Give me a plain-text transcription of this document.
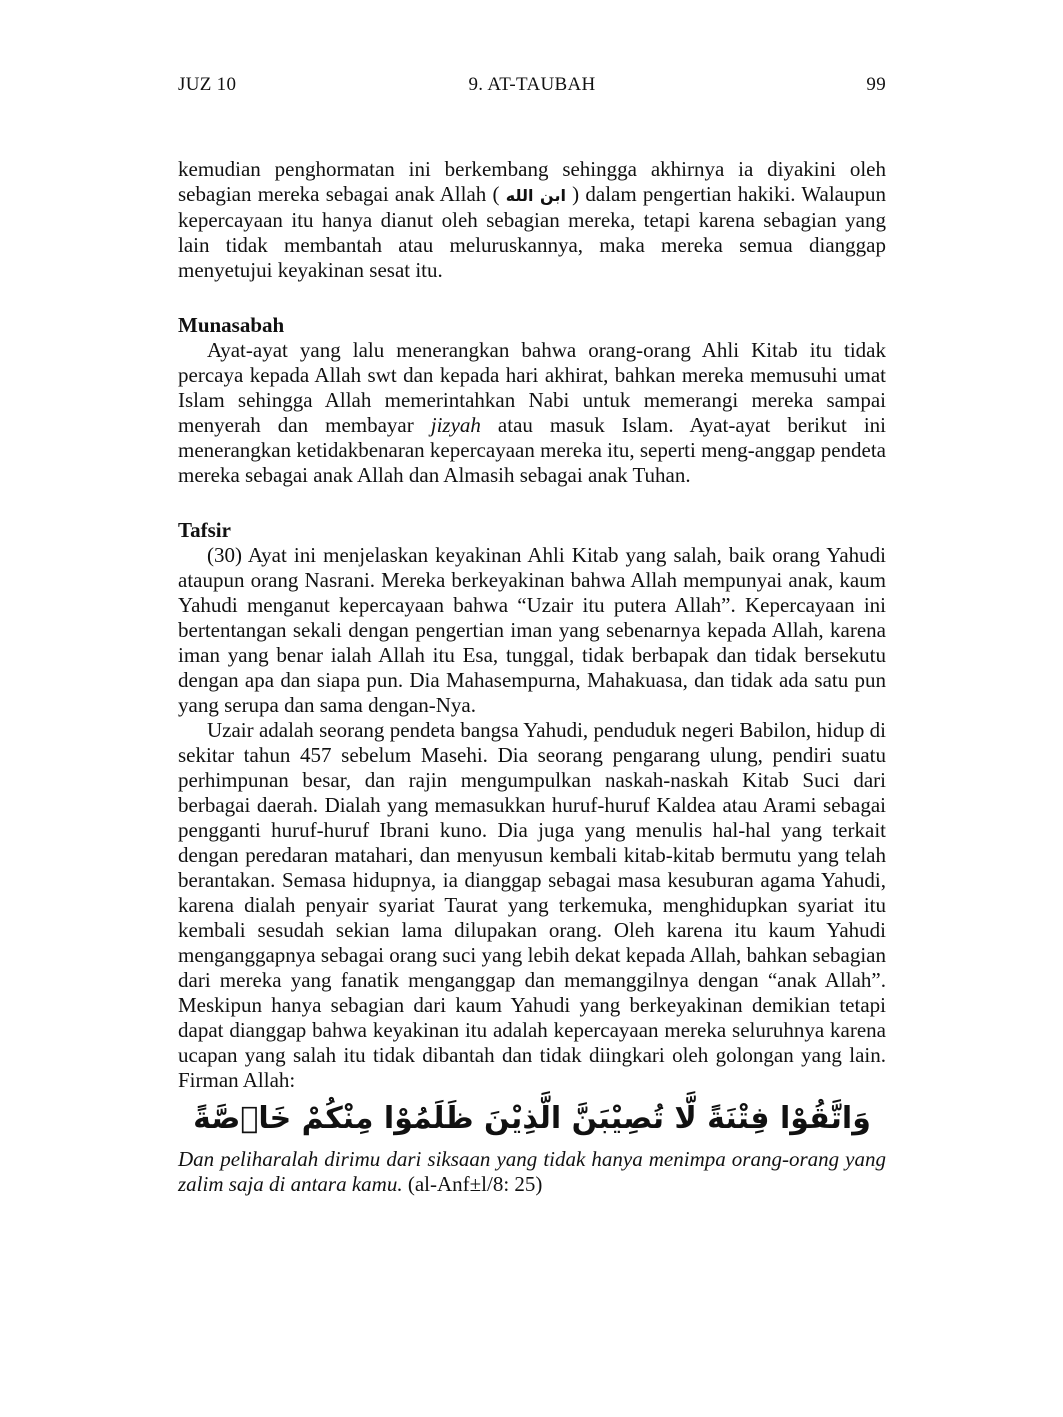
JUZ 10	9. AT-TAUBAH	99

kemudian penghormatan ini berkembang sehingga akhirnya ia diyakini oleh sebagian mereka sebagai anak Allah ( ابن الله ) dalam pengertian hakiki. Walaupun kepercayaan itu hanya dianut oleh sebagian mereka, tetapi karena sebagian yang lain tidak membantah atau meluruskannya, maka mereka semua dianggap menyetujui keyakinan sesat itu.

Munasabah

Ayat-ayat yang lalu menerangkan bahwa orang-orang Ahli Kitab itu tidak percaya kepada Allah swt dan kepada hari akhirat, bahkan mereka memusuhi umat Islam sehingga Allah memerintahkan Nabi untuk memerangi mereka sampai menyerah dan membayar jizyah atau masuk Islam. Ayat-ayat berikut ini menerangkan ketidakbenaran kepercayaan mereka itu, seperti meng-anggap pendeta mereka sebagai anak Allah dan Almasih sebagai anak Tuhan.

Tafsir

(30) Ayat ini menjelaskan keyakinan Ahli Kitab yang salah, baik orang Yahudi ataupun orang Nasrani. Mereka berkeyakinan bahwa Allah mempunyai anak, kaum Yahudi menganut kepercayaan bahwa “Uzair itu putera Allah”. Kepercayaan ini bertentangan sekali dengan pengertian iman yang sebenarnya kepada Allah, karena iman yang benar ialah Allah itu Esa, tunggal, tidak berbapak dan tidak bersekutu dengan apa dan siapa pun. Dia Mahasempurna, Mahakuasa, dan tidak ada satu pun yang serupa dan sama dengan-Nya.

Uzair adalah seorang pendeta bangsa Yahudi, penduduk negeri Babilon, hidup di sekitar tahun 457 sebelum Masehi. Dia seorang pengarang ulung, pendiri suatu perhimpunan besar, dan rajin mengumpulkan naskah-naskah Kitab Suci dari berbagai daerah. Dialah yang memasukkan huruf-huruf Kaldea atau Arami sebagai pengganti huruf-huruf Ibrani kuno. Dia juga yang menulis hal-hal yang terkait dengan peredaran matahari, dan menyusun kembali kitab-kitab bermutu yang telah berantakan. Semasa hidupnya, ia dianggap sebagai masa kesuburan agama Yahudi, karena dialah penyair syariat Taurat yang terkemuka, menghidupkan syariat itu kembali sesudah sekian lama dilupakan orang. Oleh karena itu kaum Yahudi menganggapnya sebagai orang suci yang lebih dekat kepada Allah, bahkan sebagian dari mereka yang fanatik menganggap dan memanggilnya dengan “anak Allah”. Meskipun hanya sebagian dari kaum Yahudi yang berkeyakinan demikian tetapi dapat dianggap bahwa keyakinan itu adalah kepercayaan mereka seluruhnya karena ucapan yang salah itu tidak dibantah dan tidak diingkari oleh golongan yang lain. Firman Allah:

وَاتَّقُوْا فِتْنَةً لَّا تُصِيْبَنَّ الَّذِيْنَ ظَلَمُوْا مِنْكُمْ خَاۤصَّةً

Dan peliharalah dirimu dari siksaan yang tidak hanya menimpa orang-orang yang zalim saja di antara kamu. (al-Anf±l/8: 25)
